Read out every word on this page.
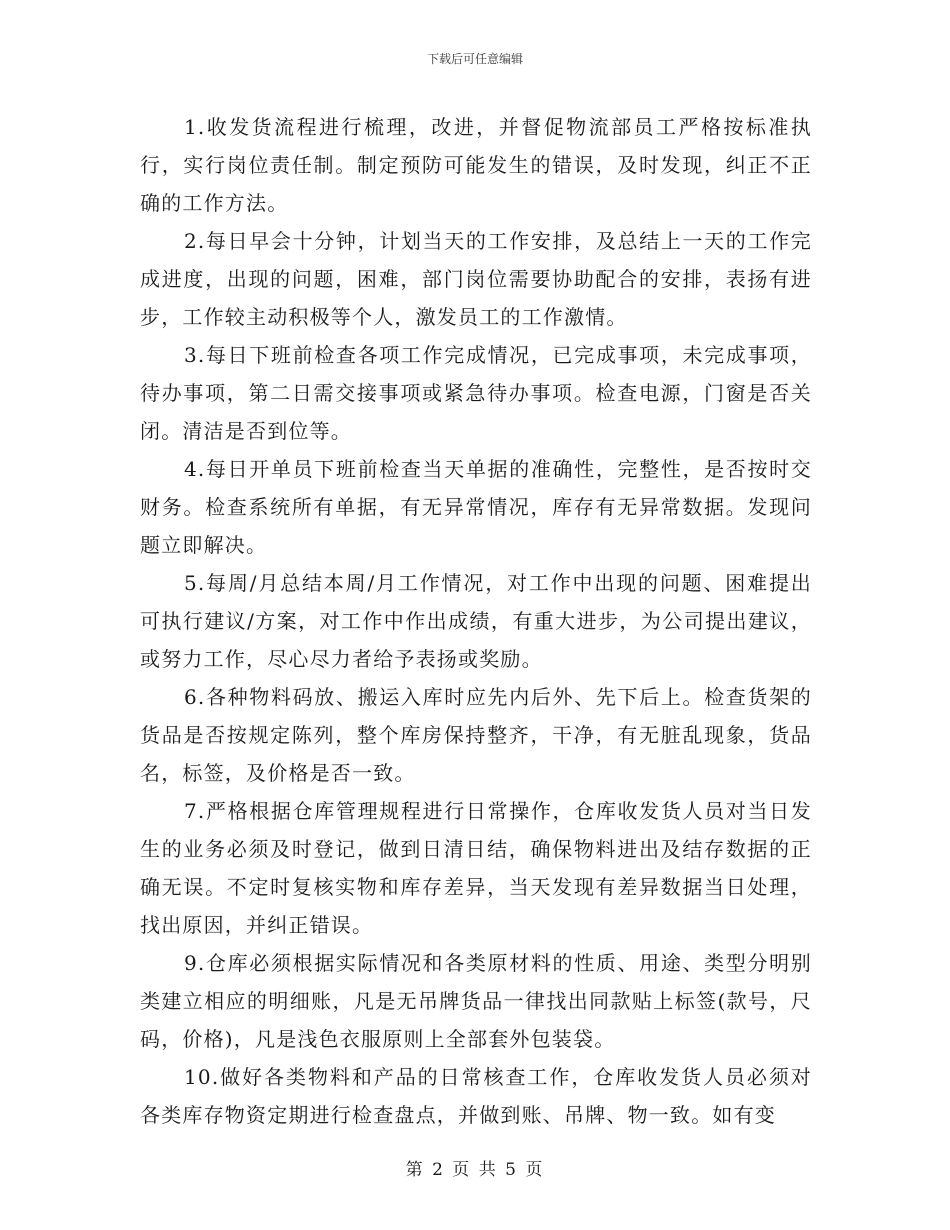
下载后可任意编辑

1.收发货流程进行梳理，改进，并督促物流部员工严格按标准执行，实行岗位责任制。制定预防可能发生的错误，及时发现，纠正不正确的工作方法。

2.每日早会十分钟，计划当天的工作安排，及总结上一天的工作完成进度，出现的问题，困难，部门岗位需要协助配合的安排，表扬有进步，工作较主动积极等个人，激发员工的工作激情。

3.每日下班前检查各项工作完成情况，已完成事项，未完成事项，待办事项，第二日需交接事项或紧急待办事项。检查电源，门窗是否关闭。清洁是否到位等。

4.每日开单员下班前检查当天单据的准确性，完整性，是否按时交财务。检查系统所有单据，有无异常情况，库存有无异常数据。发现问题立即解决。

5.每周/月总结本周/月工作情况，对工作中出现的问题、困难提出可执行建议/方案，对工作中作出成绩，有重大进步，为公司提出建议，或努力工作，尽心尽力者给予表扬或奖励。

6.各种物料码放、搬运入库时应先内后外、先下后上。检查货架的货品是否按规定陈列，整个库房保持整齐，干净，有无脏乱现象，货品名，标签，及价格是否一致。

7.严格根据仓库管理规程进行日常操作，仓库收发货人员对当日发生的业务必须及时登记，做到日清日结，确保物料进出及结存数据的正确无误。不定时复核实物和库存差异，当天发现有差异数据当日处理，找出原因，并纠正错误。

9.仓库必须根据实际情况和各类原材料的性质、用途、类型分明别类建立相应的明细账，凡是无吊牌货品一律找出同款贴上标签(款号，尺码，价格)，凡是浅色衣服原则上全部套外包装袋。

10.做好各类物料和产品的日常核查工作，仓库收发货人员必须对各类库存物资定期进行检查盘点，并做到账、吊牌、物一致。如有变

第 2 页 共 5 页
